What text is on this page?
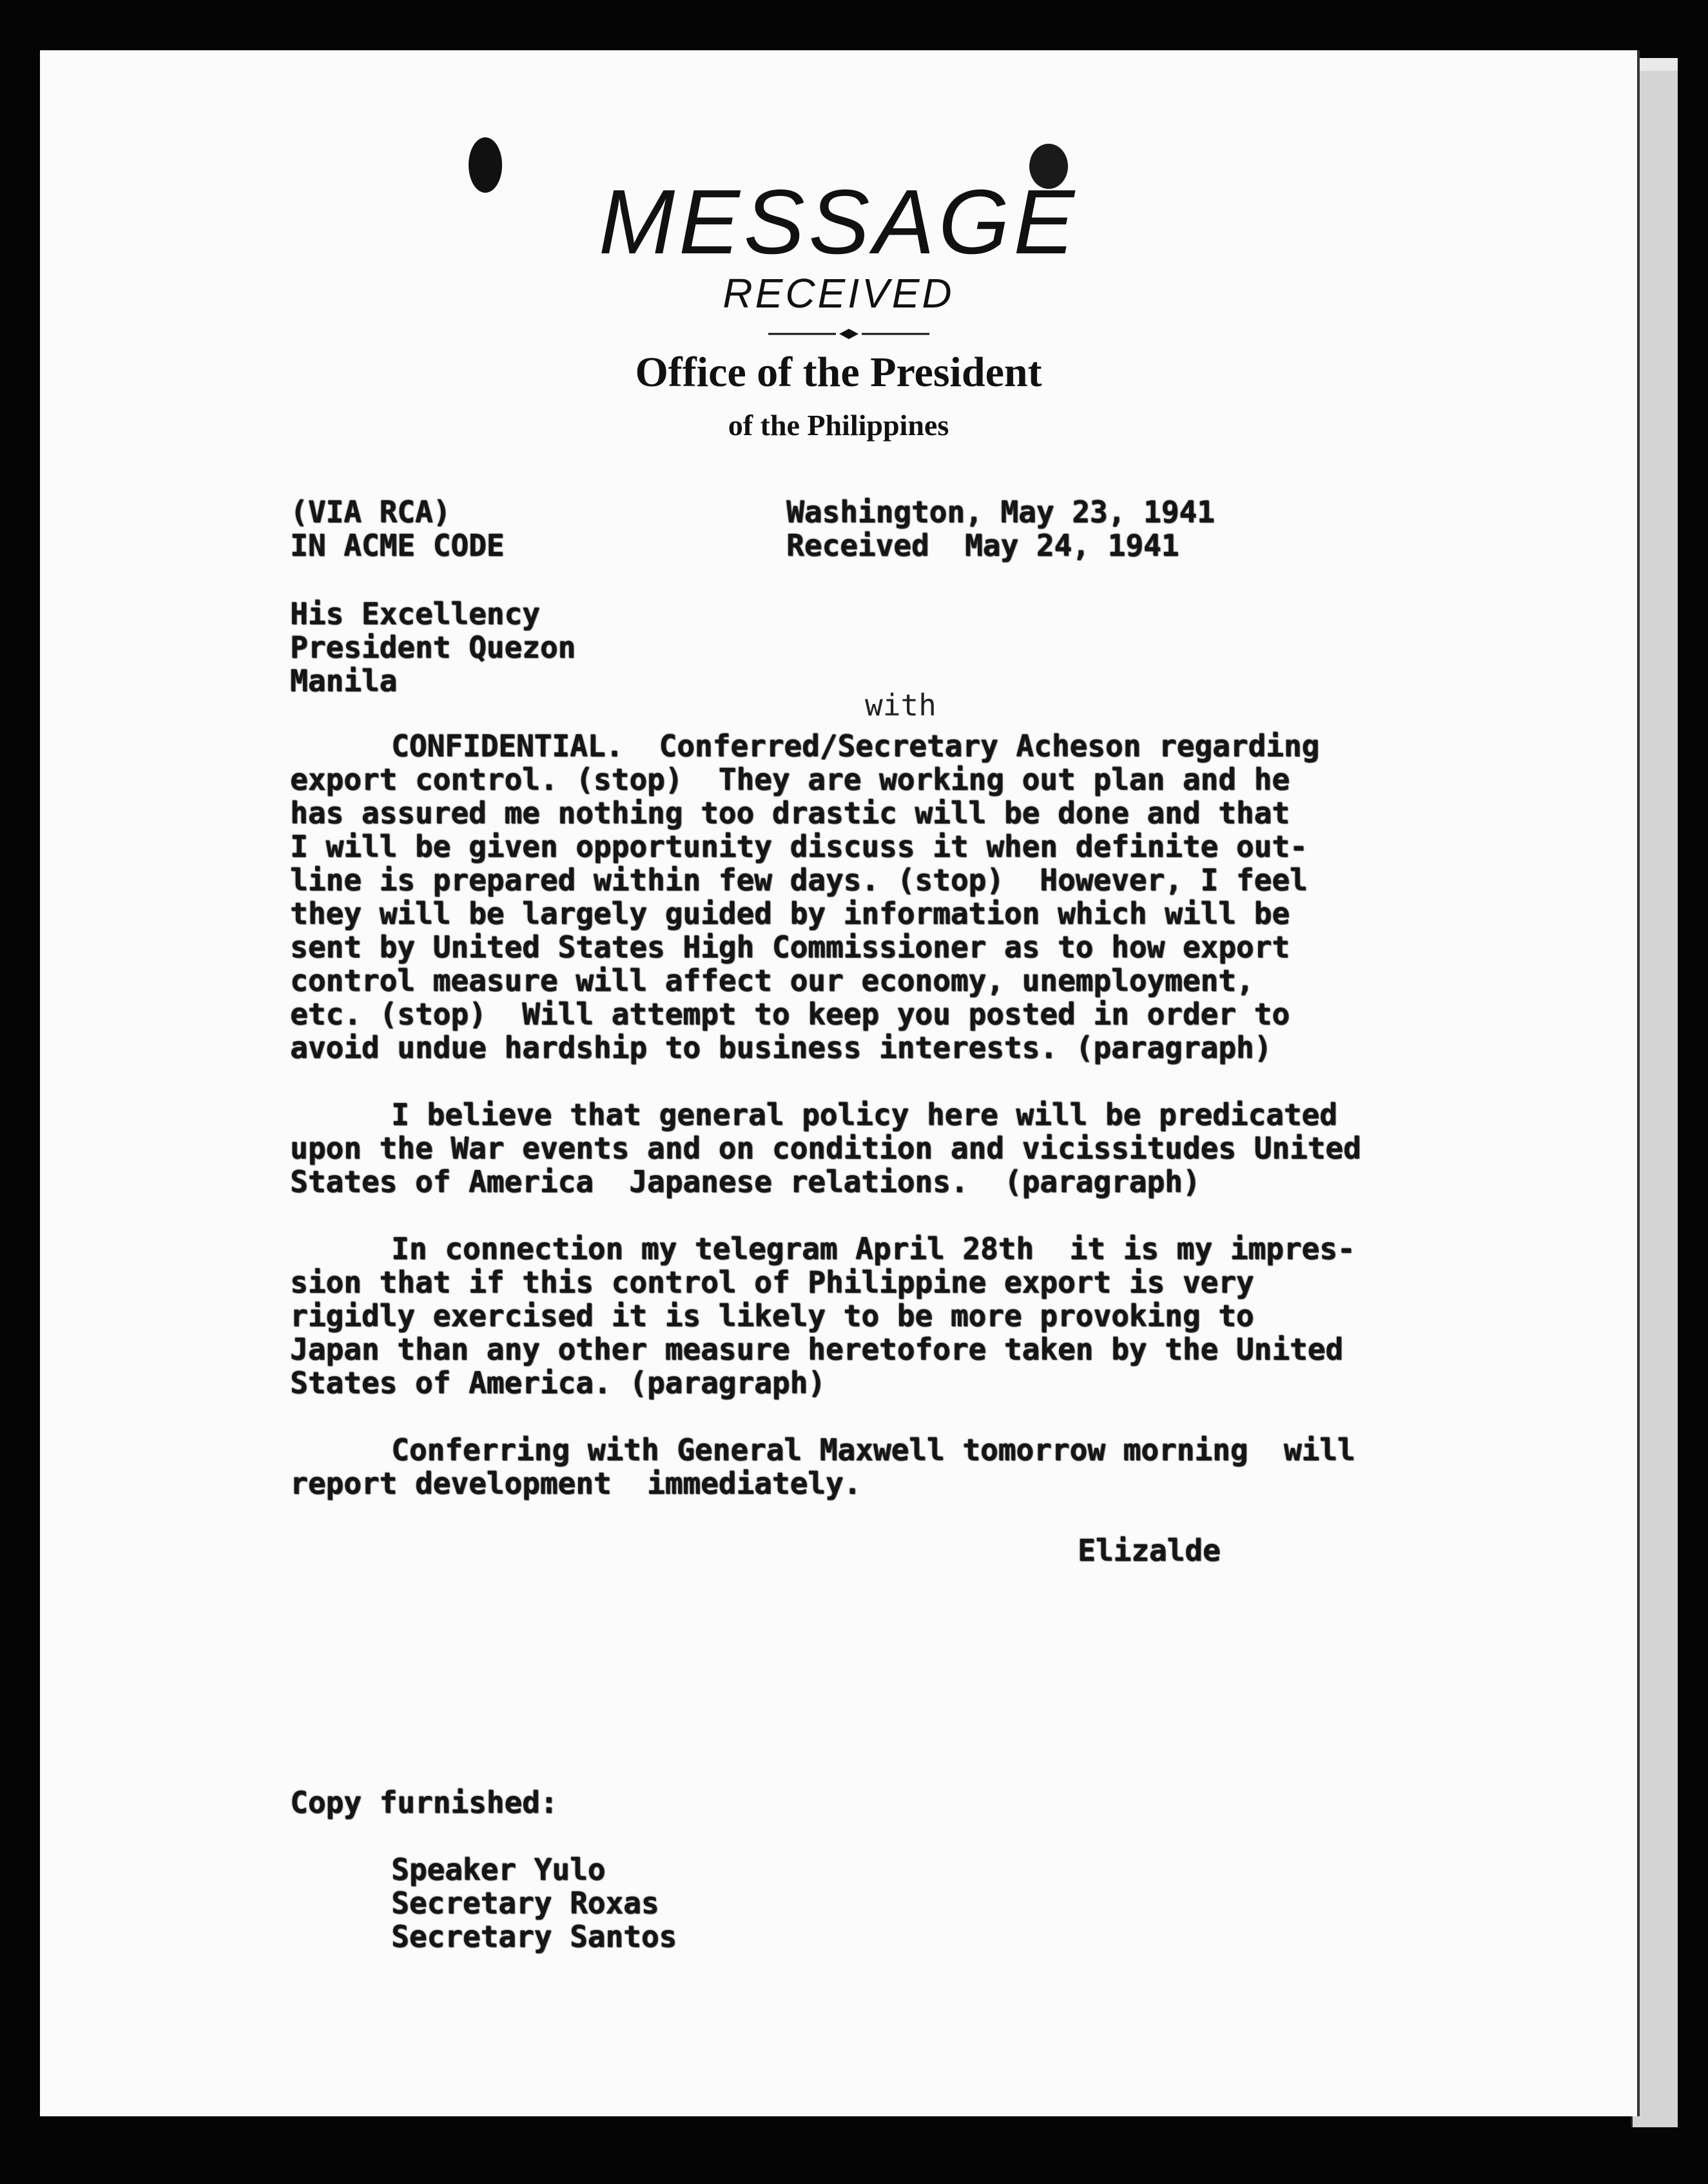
MESSAGE
RECEIVED
Office of the President
of the Philippines
(VIA RCA)
IN ACME CODE
Washington, May 23, 1941
Received  May 24, 1941
His Excellency
President Quezon
Manila
with
CONFIDENTIAL.  Conferred/Secretary Acheson regarding
export control. (stop)  They are working out plan and he
has assured me nothing too drastic will be done and that
I will be given opportunity discuss it when definite out-
line is prepared within few days. (stop)  However, I feel
they will be largely guided by information which will be
sent by United States High Commissioner as to how export
control measure will affect our economy, unemployment,
etc. (stop)  Will attempt to keep you posted in order to
avoid undue hardship to business interests. (paragraph)
I believe that general policy here will be predicated
upon the War events and on condition and vicissitudes United
States of America  Japanese relations.  (paragraph)
In connection my telegram April 28th  it is my impres-
sion that if this control of Philippine export is very
rigidly exercised it is likely to be more provoking to
Japan than any other measure heretofore taken by the United
States of America. (paragraph)
Conferring with General Maxwell tomorrow morning  will
report development  immediately.
Elizalde
Copy furnished:
Speaker Yulo
Secretary Roxas
Secretary Santos
